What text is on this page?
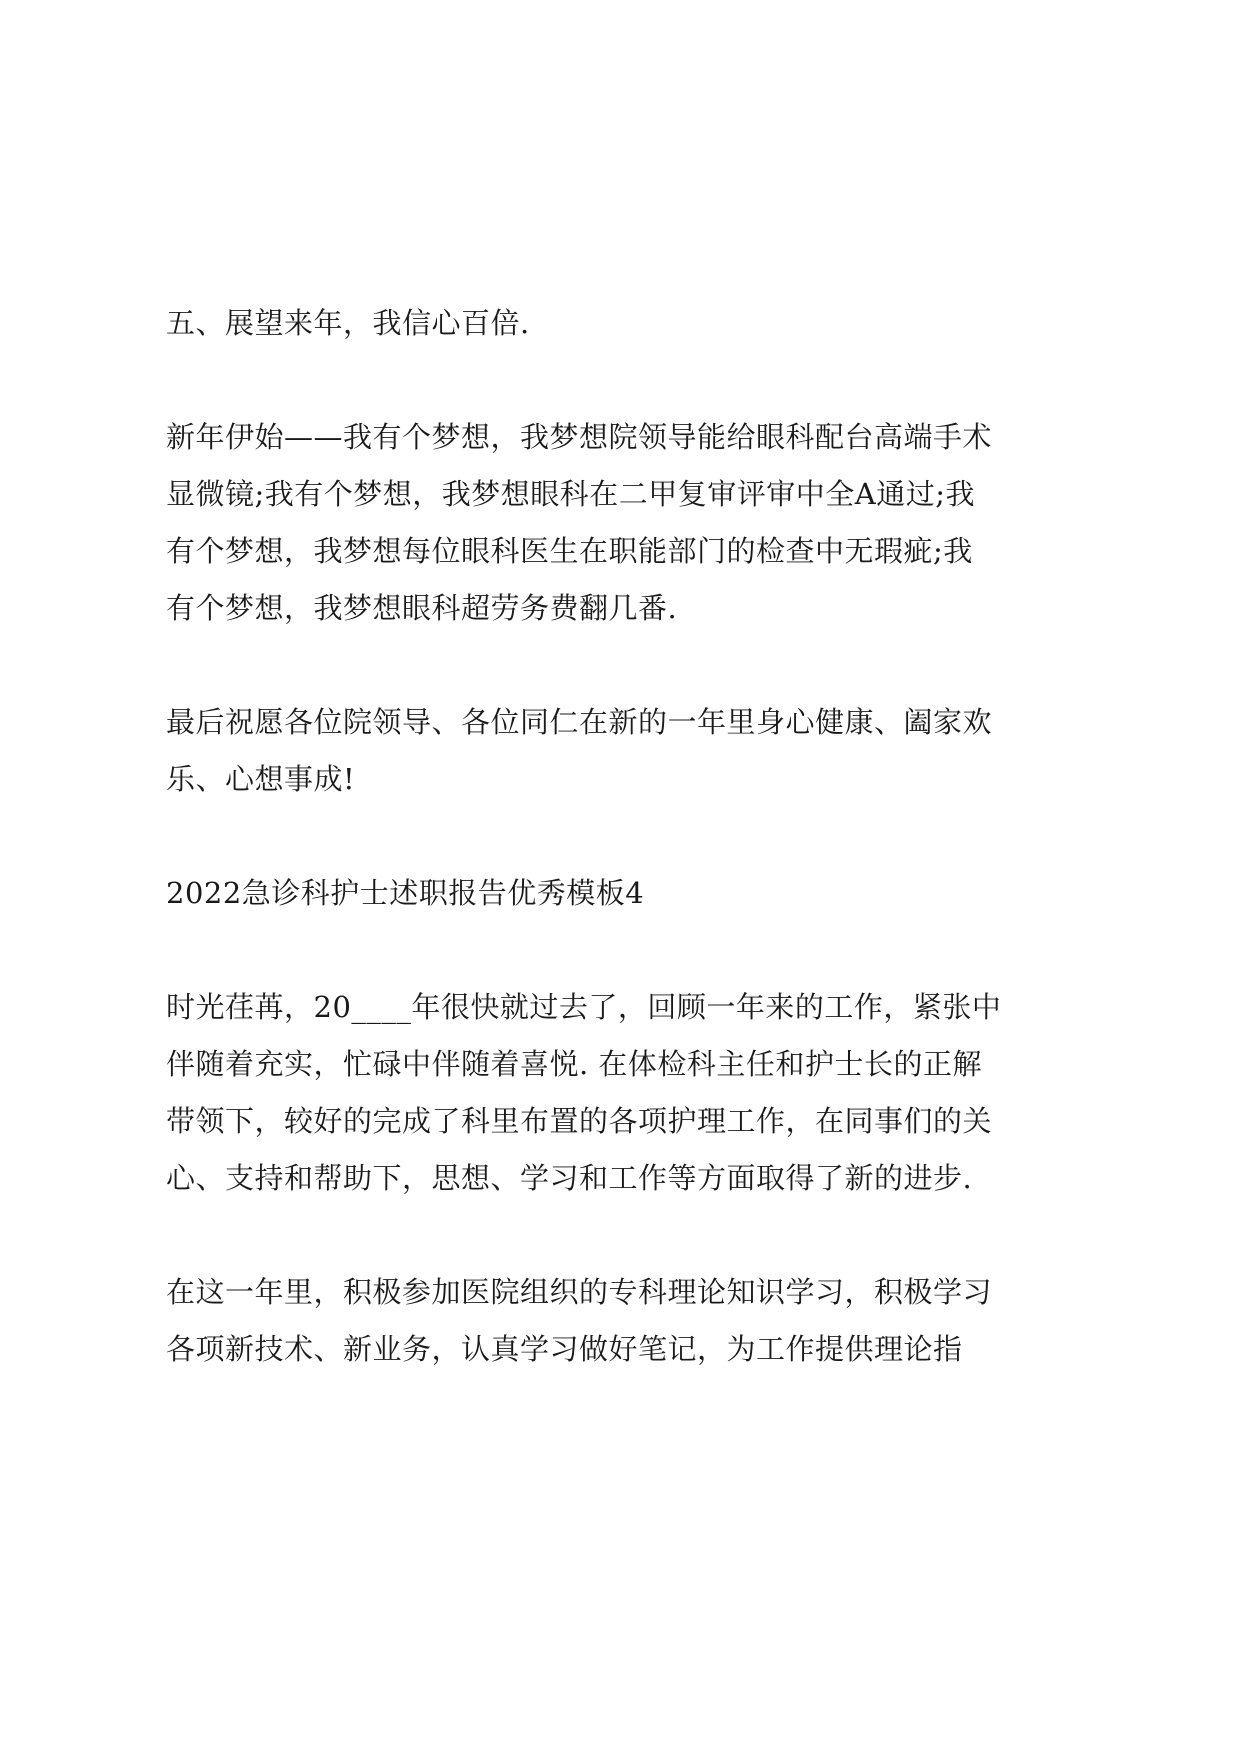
五、展望来年，我信心百倍.

新年伊始——我有个梦想，我梦想院领导能给眼科配台高端手术
显微镜;我有个梦想，我梦想眼科在二甲复审评审中全A通过;我
有个梦想，我梦想每位眼科医生在职能部门的检查中无瑕疵;我
有个梦想，我梦想眼科超劳务费翻几番.

最后祝愿各位院领导、各位同仁在新的一年里身心健康、阖家欢
乐、心想事成!

2022急诊科护士述职报告优秀模板4

时光荏苒，20____年很快就过去了，回顾一年来的工作，紧张中
伴随着充实，忙碌中伴随着喜悦. 在体检科主任和护士长的正解
带领下，较好的完成了科里布置的各项护理工作，在同事们的关
心、支持和帮助下，思想、学习和工作等方面取得了新的进步.

在这一年里，积极参加医院组织的专科理论知识学习，积极学习
各项新技术、新业务，认真学习做好笔记，为工作提供理论指
